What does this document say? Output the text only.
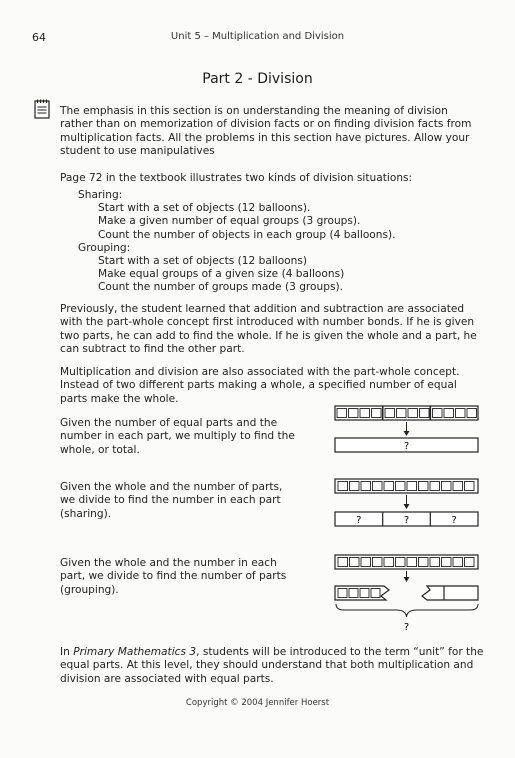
64	Unit 5 – Multiplication and Division
Part 2 - Division
The emphasis in this section is on understanding the meaning of division rather than on memorization of division facts or on finding division facts from multiplication facts. All the problems in this section have pictures. Allow your student to use manipulatives
Page 72 in the textbook illustrates two kinds of division situations:
Sharing:
Start with a set of objects (12 balloons).
Make a given number of equal groups (3 groups).
Count the number of objects in each group (4 balloons).
Grouping:
Start with a set of objects (12 balloons)
Make equal groups of a given size (4 balloons)
Count the number of groups made (3 groups).
Previously, the student learned that addition and subtraction are associated with the part-whole concept first introduced with number bonds. If he is given two parts, he can add to find the whole. If he is given the whole and a part, he can subtract to find the other part.
Multiplication and division are also associated with the part-whole concept. Instead of two different parts making a whole, a specified number of equal parts make the whole.
Given the number of equal parts and the number in each part, we multiply to find the whole, or total.
Given the whole and the number of parts, we divide to find the number in each part (sharing).
Given the whole and the number in each part, we divide to find the number of parts (grouping).
?
?	?	?
?
In Primary Mathematics 3, students will be introduced to the term “unit” for the equal parts. At this level, they should understand that both multiplication and division are associated with equal parts.
Copyright © 2004 Jennifer Hoerst
